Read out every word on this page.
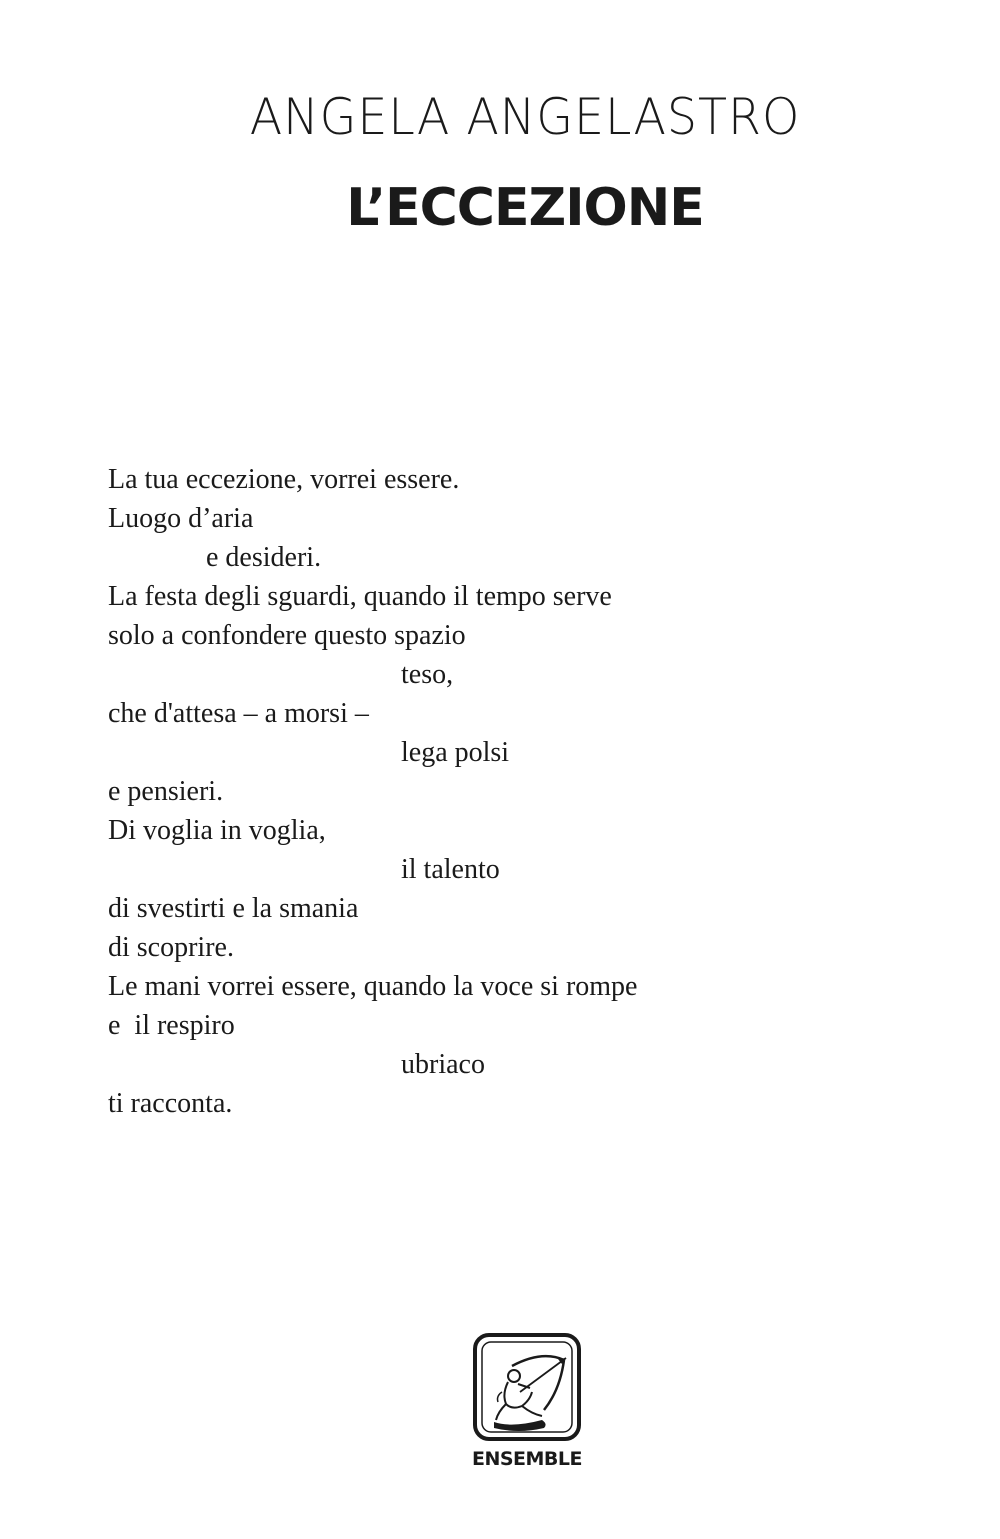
ANGELA ANGELASTRO
L’ECCEZIONE
La tua eccezione, vorrei essere.
Luogo d’aria
e desideri.
La festa degli sguardi, quando il tempo serve
solo a confondere questo spazio
teso,
che d'attesa – a morsi –
lega polsi
e pensieri.
Di voglia in voglia,
il talento
di svestirti e la smania
di scoprire.
Le mani vorrei essere, quando la voce si rompe
e  il respiro
ubriaco
ti racconta.
ENSEMBLE
